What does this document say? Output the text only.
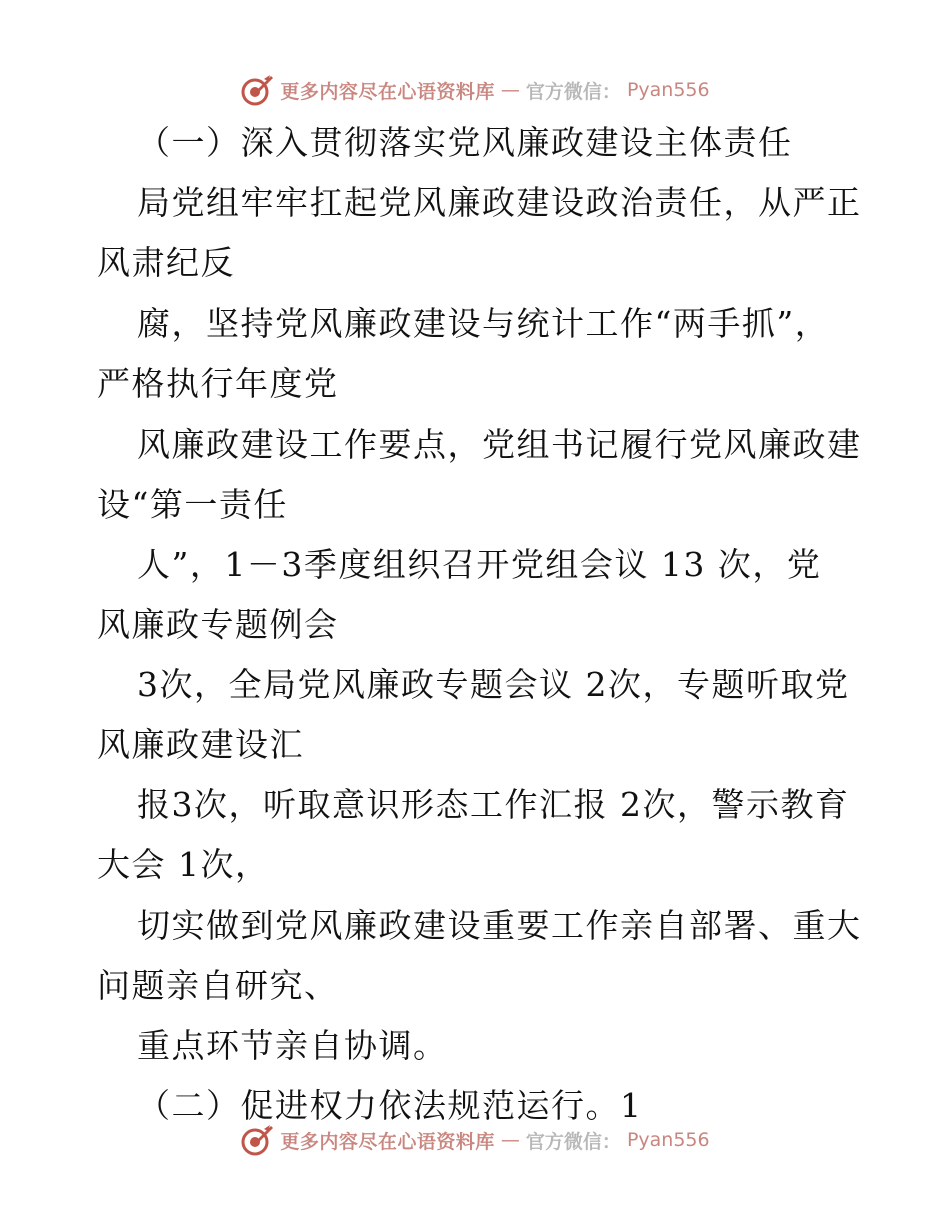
更多内容尽在心语资料库 — 官方微信： Pyan556
（一）深入贯彻落实党风廉政建设主体责任
局党组牢牢扛起党风廉政建设政治责任，从严正
风肃纪反
腐，坚持党风廉政建设与统计工作“两手抓”，
严格执行年度党
风廉政建设工作要点，党组书记履行党风廉政建
设“第一责任
人”，1－3季度组织召开党组会议 13 次，党
风廉政专题例会
3次，全局党风廉政专题会议 2次，专题听取党
风廉政建设汇
报3次，听取意识形态工作汇报 2次，警示教育
大会 1次，
切实做到党风廉政建设重要工作亲自部署、重大
问题亲自研究、
重点环节亲自协调。
（二）促进权力依法规范运行。1
更多内容尽在心语资料库 — 官方微信： Pyan556
